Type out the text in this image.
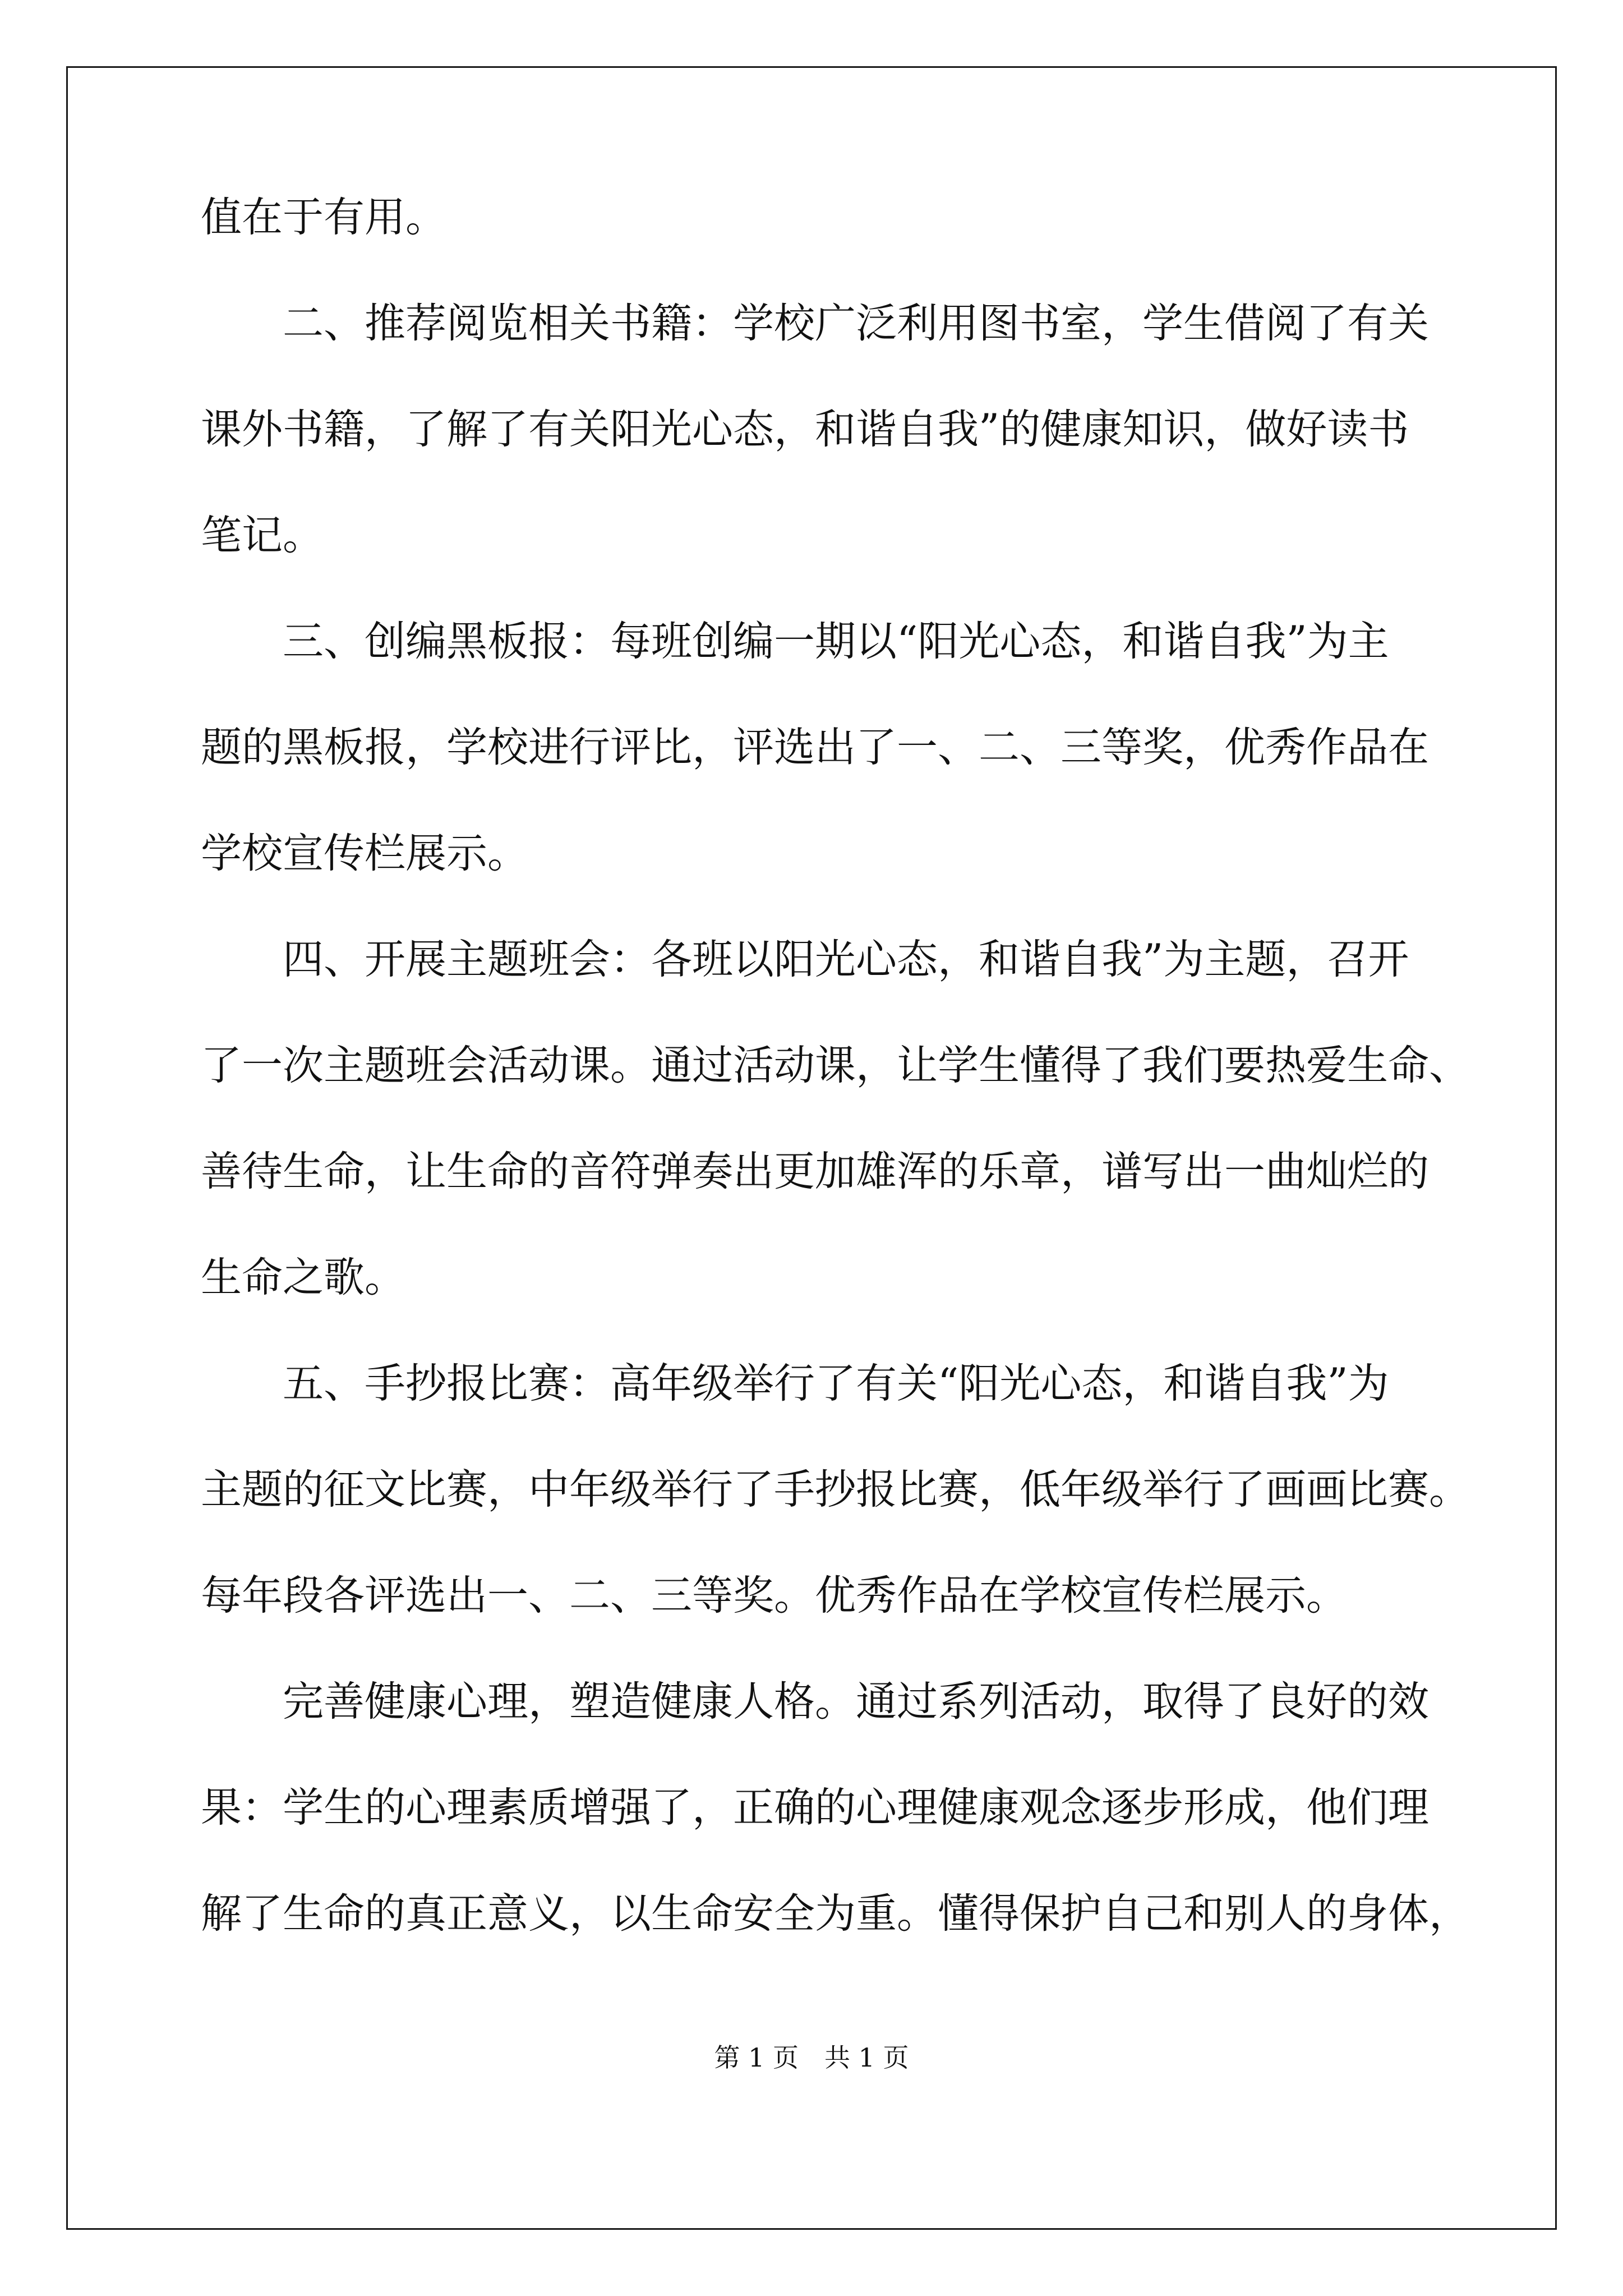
值在于有用。
二、推荐阅览相关书籍：学校广泛利用图书室，学生借阅了有关
课外书籍，了解了有关阳光心态，和谐自我”的健康知识，做好读书
笔记。
三、创编黑板报：每班创编一期以“阳光心态，和谐自我”为主
题的黑板报，学校进行评比，评选出了一、二、三等奖，优秀作品在
学校宣传栏展示。
四、开展主题班会：各班以阳光心态，和谐自我”为主题，召开
了一次主题班会活动课。通过活动课，让学生懂得了我们要热爱生命、
善待生命，让生命的音符弹奏出更加雄浑的乐章，谱写出一曲灿烂的
生命之歌。
五、手抄报比赛：高年级举行了有关“阳光心态，和谐自我”为
主题的征文比赛，中年级举行了手抄报比赛，低年级举行了画画比赛。
每年段各评选出一、二、三等奖。优秀作品在学校宣传栏展示。
完善健康心理，塑造健康人格。通过系列活动，取得了良好的效
果：学生的心理素质增强了，正确的心理健康观念逐步形成，他们理
解了生命的真正意义，以生命安全为重。懂得保护自己和别人的身体，
第 1 页　共 1 页
